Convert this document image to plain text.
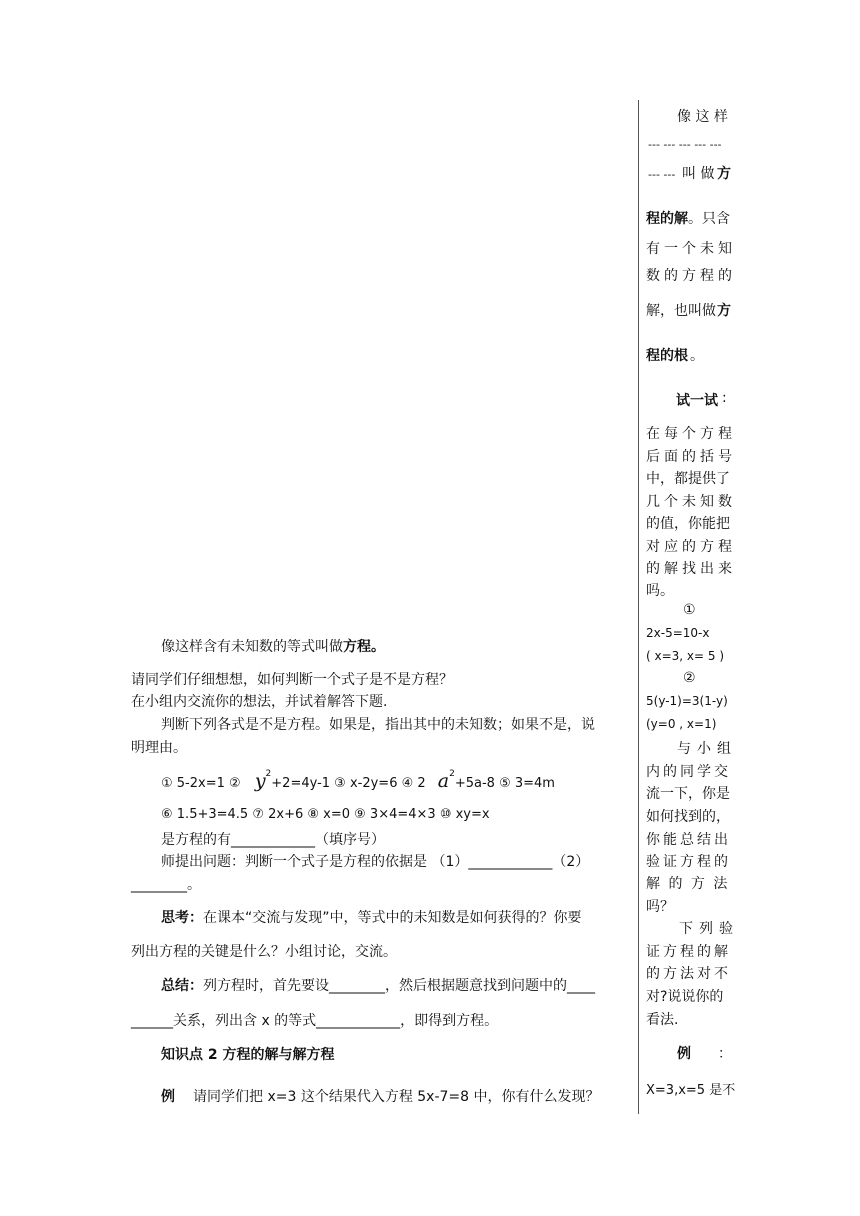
像 这 样
--- --- --- --- ---
--- --- 叫 做 方
程的解 。只含
有一个未知
数的方程的
解，也叫做 方
程的根 。
试一试 :
在每个方程
后面的括号
中，都提供了
几个未知数
的值，你能把
对应的方程
的解找出来
吗。
①
2x-5=10-x
( x=3, x= 5 )
②
5(y-1)=3(1-y)
(y=0 , x=1)
与小组
内的同学交
流一下，你是
如何找到的，
你能总结出
验证方程的
解 的 方 法
吗？
下列验
证方程的解
的方法对不
对?说说你的
看法.
例 ：
X=3,x=5 是不
像这样含有未知数的等式叫做方程。
请同学们仔细想想，如何判断一个式子是不是方程？
在小组内交流你的想法，并试着解答下题.
判断下列各式是不是方程。如果是，指出其中的未知数；如果不是，说
明理由。
① 5-2x=1 ② $y^2+2=4y-1$ ③ x-2y=6 ④ 2 $a^2+5a-8$ ⑤ 3=4m
⑥ 1.5+3=4.5 ⑦ 2x+6 ⑧ x=0 ⑨ 3×4=4×3 ⑩ xy=x
是方程的有____________（填序号）
师提出问题：判断一个式子是方程的依据是 （1）____________（2）
________。
思考：在课本“交流与发现”中，等式中的未知数是如何获得的？你要
列出方程的关键是什么？小组讨论，交流。
总结：列方程时，首先要设________，然后根据题意找到问题中的____
______关系，列出含 x 的等式____________，即得到方程。
知识点 2 方程的解与解方程
例 请同学们把 x=3 这个结果代入方程 5x-7=8 中，你有什么发现？
